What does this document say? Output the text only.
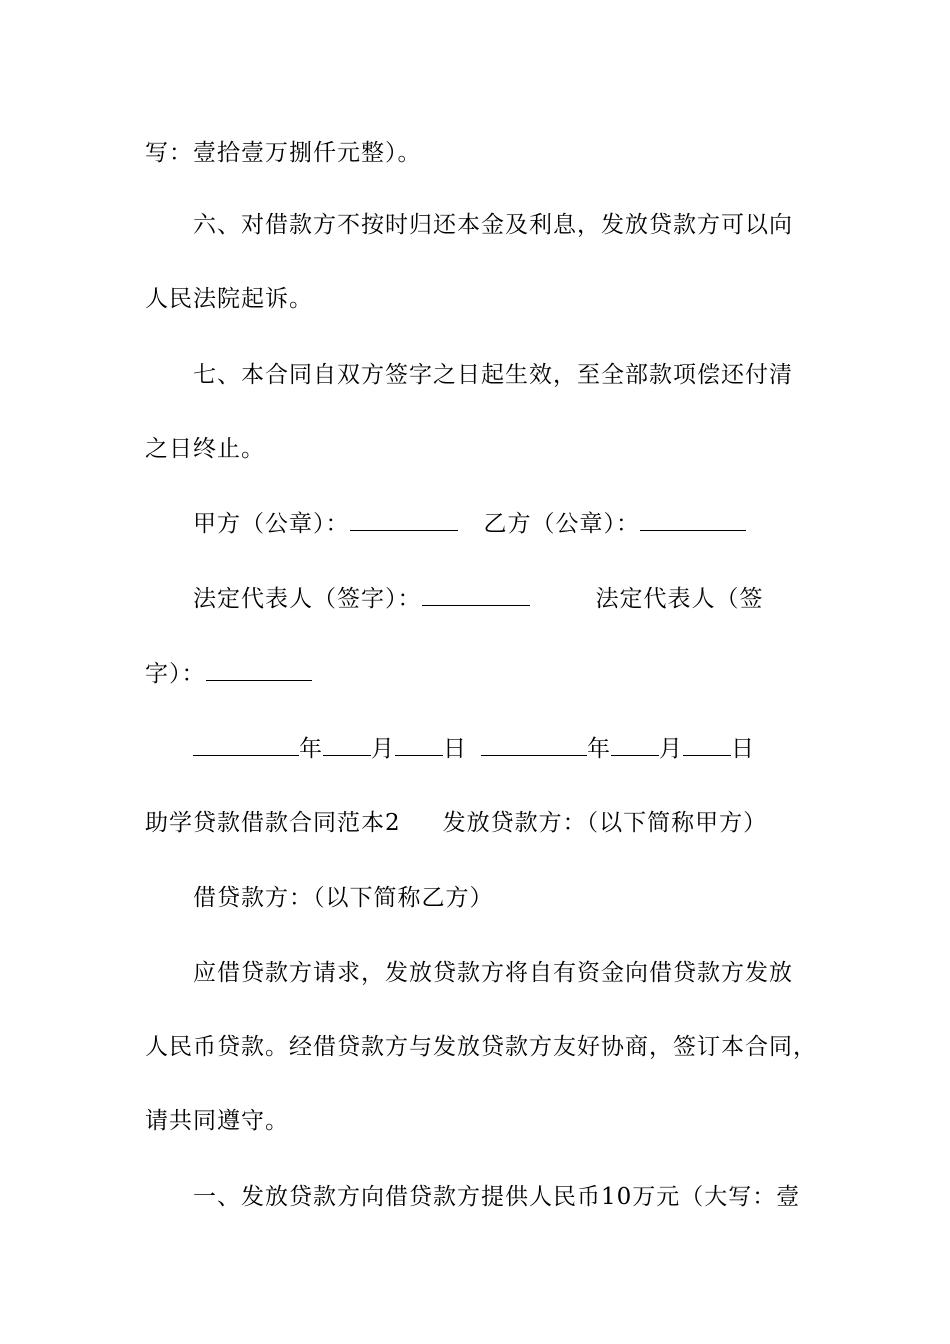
写：壹拾壹万捌仟元整）。
六、对借款方不按时归还本金及利息，发放贷款方可以向
人民法院起诉。
七、本合同自双方签字之日起生效，至全部款项偿还付清
之日终止。
甲方（公章）：	乙方（公章）：
法定代表人（签字）：	法定代表人（签
字）：
年 月 日	年 月 日
助学贷款借款合同范本2 发放贷款方：（以下简称甲方）
借贷款方：（以下简称乙方）
应借贷款方请求，发放贷款方将自有资金向借贷款方发放
人民币贷款。经借贷款方与发放贷款方友好协商，签订本合同，
请共同遵守。
一、发放贷款方向借贷款方提供人民币10万元（大写：壹
